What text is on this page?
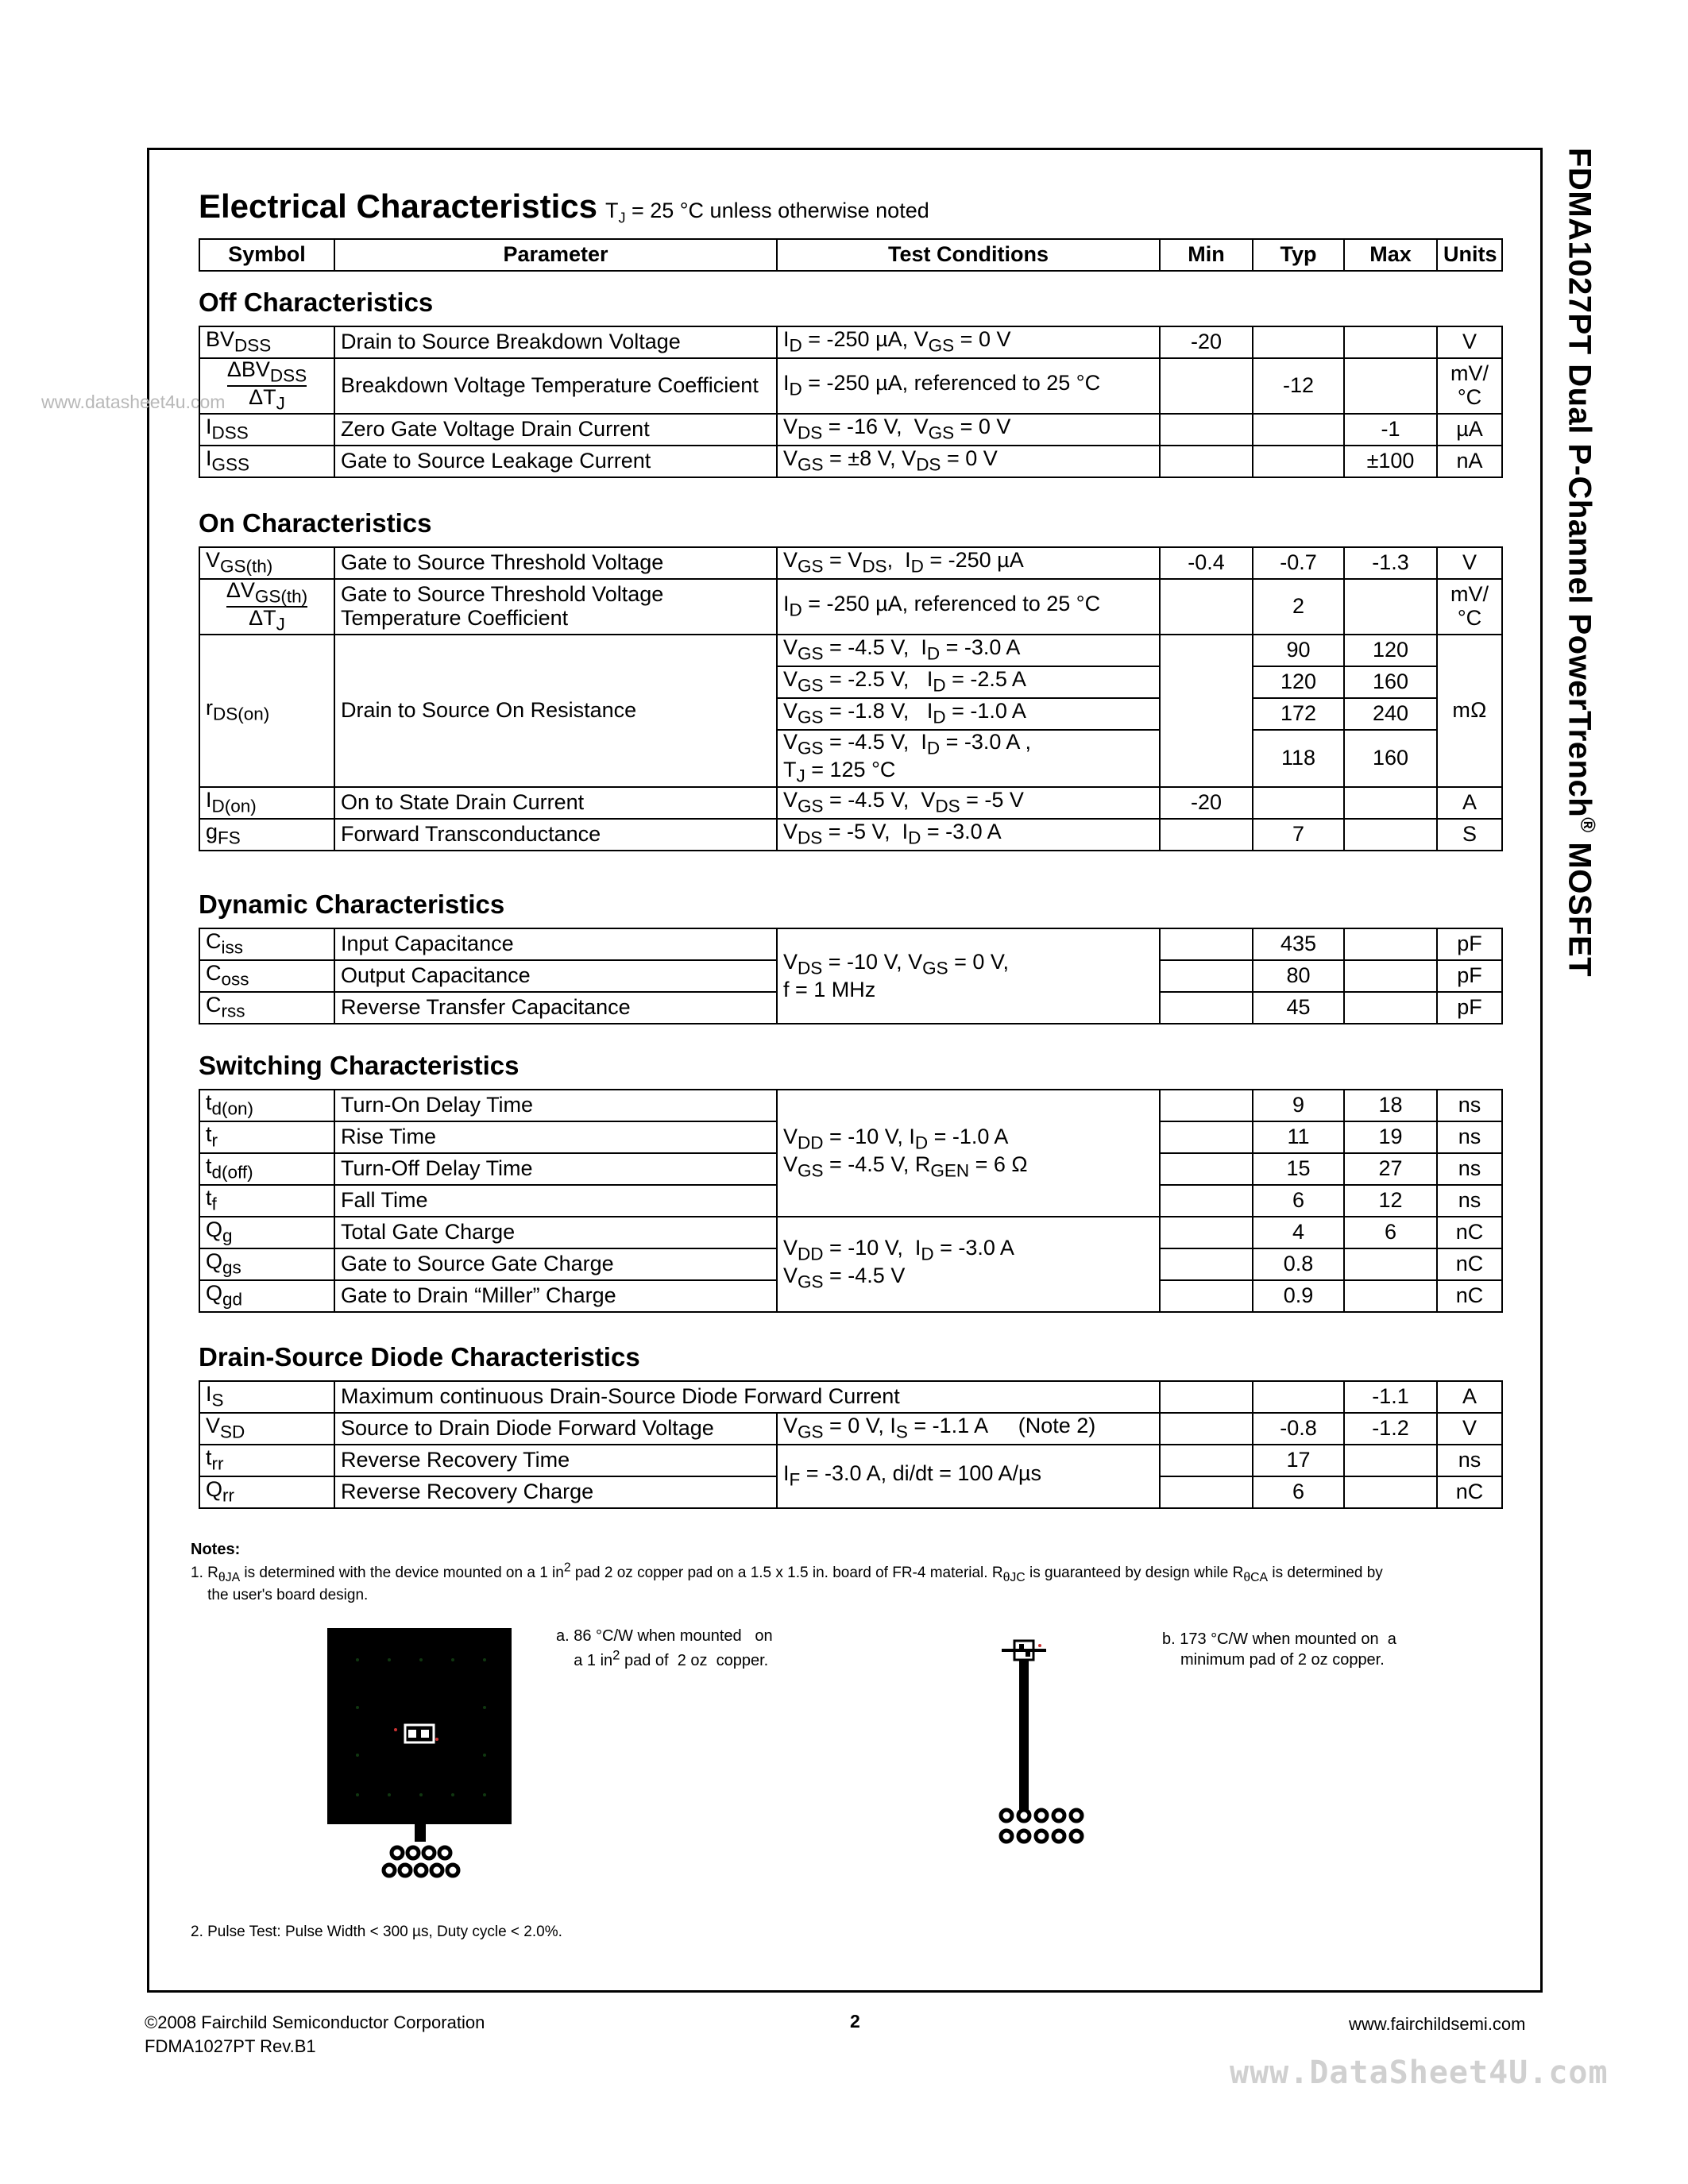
FDMA1027PT Dual P-Channel PowerTrench® MOSFET
www.datasheet4u.com
Electrical Characteristics $T_J = 25$ °C unless otherwise noted
Symbol	Parameter	Test Conditions	Min	Typ	Max	Units
Off Characteristics
$BV_{DSS}$	Drain to Source Breakdown Voltage	$I_D = -250$ µA, $V_{GS} = 0$ V	-20			V

$\Delta BV_{DSS}$
$\Delta T_J$	Breakdown Voltage Temperature Coefficient	$I_D = -250$ µA, referenced to 25 °C		-12		mV/°C
$I_{DSS}$	Zero Gate Voltage Drain Current	$V_{DS} = -16$ V,  $V_{GS} = 0$ V			-1	µA
$I_{GSS}$	Gate to Source Leakage Current	$V_{GS} = \pm 8$ V, $V_{DS} = 0$ V			±100	nA
On Characteristics
$V_{GS(th)}$	Gate to Source Threshold Voltage	$V_{GS} = V_{DS}$,  $I_D = -250$ µA	-0.4	-0.7	-1.3	V

$\Delta V_{GS(th)}$
$\Delta T_J$	Gate to Source Threshold Voltage Temperature Coefficient	$I_D = -250$ µA, referenced to 25 °C		2		mV/°C
$r_{DS(on)}$	Drain to Source On Resistance	$V_{GS} = -4.5$ V,  $I_D = -3.0$ A		90	120	mΩ
		$V_{GS} = -2.5$ V,   $I_D = -2.5$ A		120	160	
		$V_{GS} = -1.8$ V,   $I_D = -1.0$ A		172	240	
		$V_{GS} = -4.5$ V,  $I_D = -3.0$ A ,
$T_J = 125$ °C		118	160	
$I_{D(on)}$	On to State Drain Current	$V_{GS} = -4.5$ V,  $V_{DS} = -5$ V	-20			A
$g_{FS}$	Forward Transconductance	$V_{DS} = -5$ V,  $I_D = -3.0$ A		7		S
Dynamic Characteristics
$C_{iss}$	Input Capacitance	$V_{DS} = -10$ V, $V_{GS} = 0$ V,
f = 1 MHz		435		pF
$C_{oss}$	Output Capacitance			80		pF
$C_{rss}$	Reverse Transfer Capacitance			45		pF
Switching Characteristics
$t_{d(on)}$	Turn-On Delay Time	$V_{DD} = -10$ V, $I_D = -1.0$ A
$V_{GS} = -4.5$ V, $R_{GEN} = 6$ Ω		9	18	ns
$t_r$	Rise Time			11	19	ns
$t_{d(off)}$	Turn-Off Delay Time			15	27	ns
$t_f$	Fall Time			6	12	ns
$Q_g$	Total Gate Charge	$V_{DD} = -10$ V,  $I_D = -3.0$ A
$V_{GS} = -4.5$ V		4	6	nC
$Q_{gs}$	Gate to Source Gate Charge			0.8		nC
$Q_{gd}$	Gate to Drain “Miller” Charge			0.9		nC
Drain-Source Diode Characteristics
$I_S$	Maximum continuous Drain-Source Diode Forward Current				-1.1	A
$V_{SD}$	Source to Drain Diode Forward Voltage	$V_{GS} = 0$ V, $I_S = -1.1$ A     (Note 2)		-0.8	-1.2	V
$t_{rr}$	Reverse Recovery Time	$I_F = -3.0$ A, di/dt = 100 A/µs		17		ns
$Q_{rr}$	Reverse Recovery Charge			6		nC
Notes:
1. $R_{\theta JA}$ is determined with the device mounted on a 1 $in^2$ pad 2 oz copper pad on a 1.5 x 1.5 in. board of FR-4 material. $R_{\theta JC}$ is guaranteed by design while $R_{\theta CA}$ is determined by
the user's board design.
a. 86 °C/W when mounted   on
a 1 $in^2$ pad of  2 oz  copper.
b. 173 °C/W when mounted on  a
minimum pad of 2 oz copper.
2. Pulse Test: Pulse Width < 300 µs, Duty cycle < 2.0%.
©2008 Fairchild Semiconductor Corporation
FDMA1027PT Rev.B1
2	www.fairchildsemi.com
www.DataSheet4U.com
